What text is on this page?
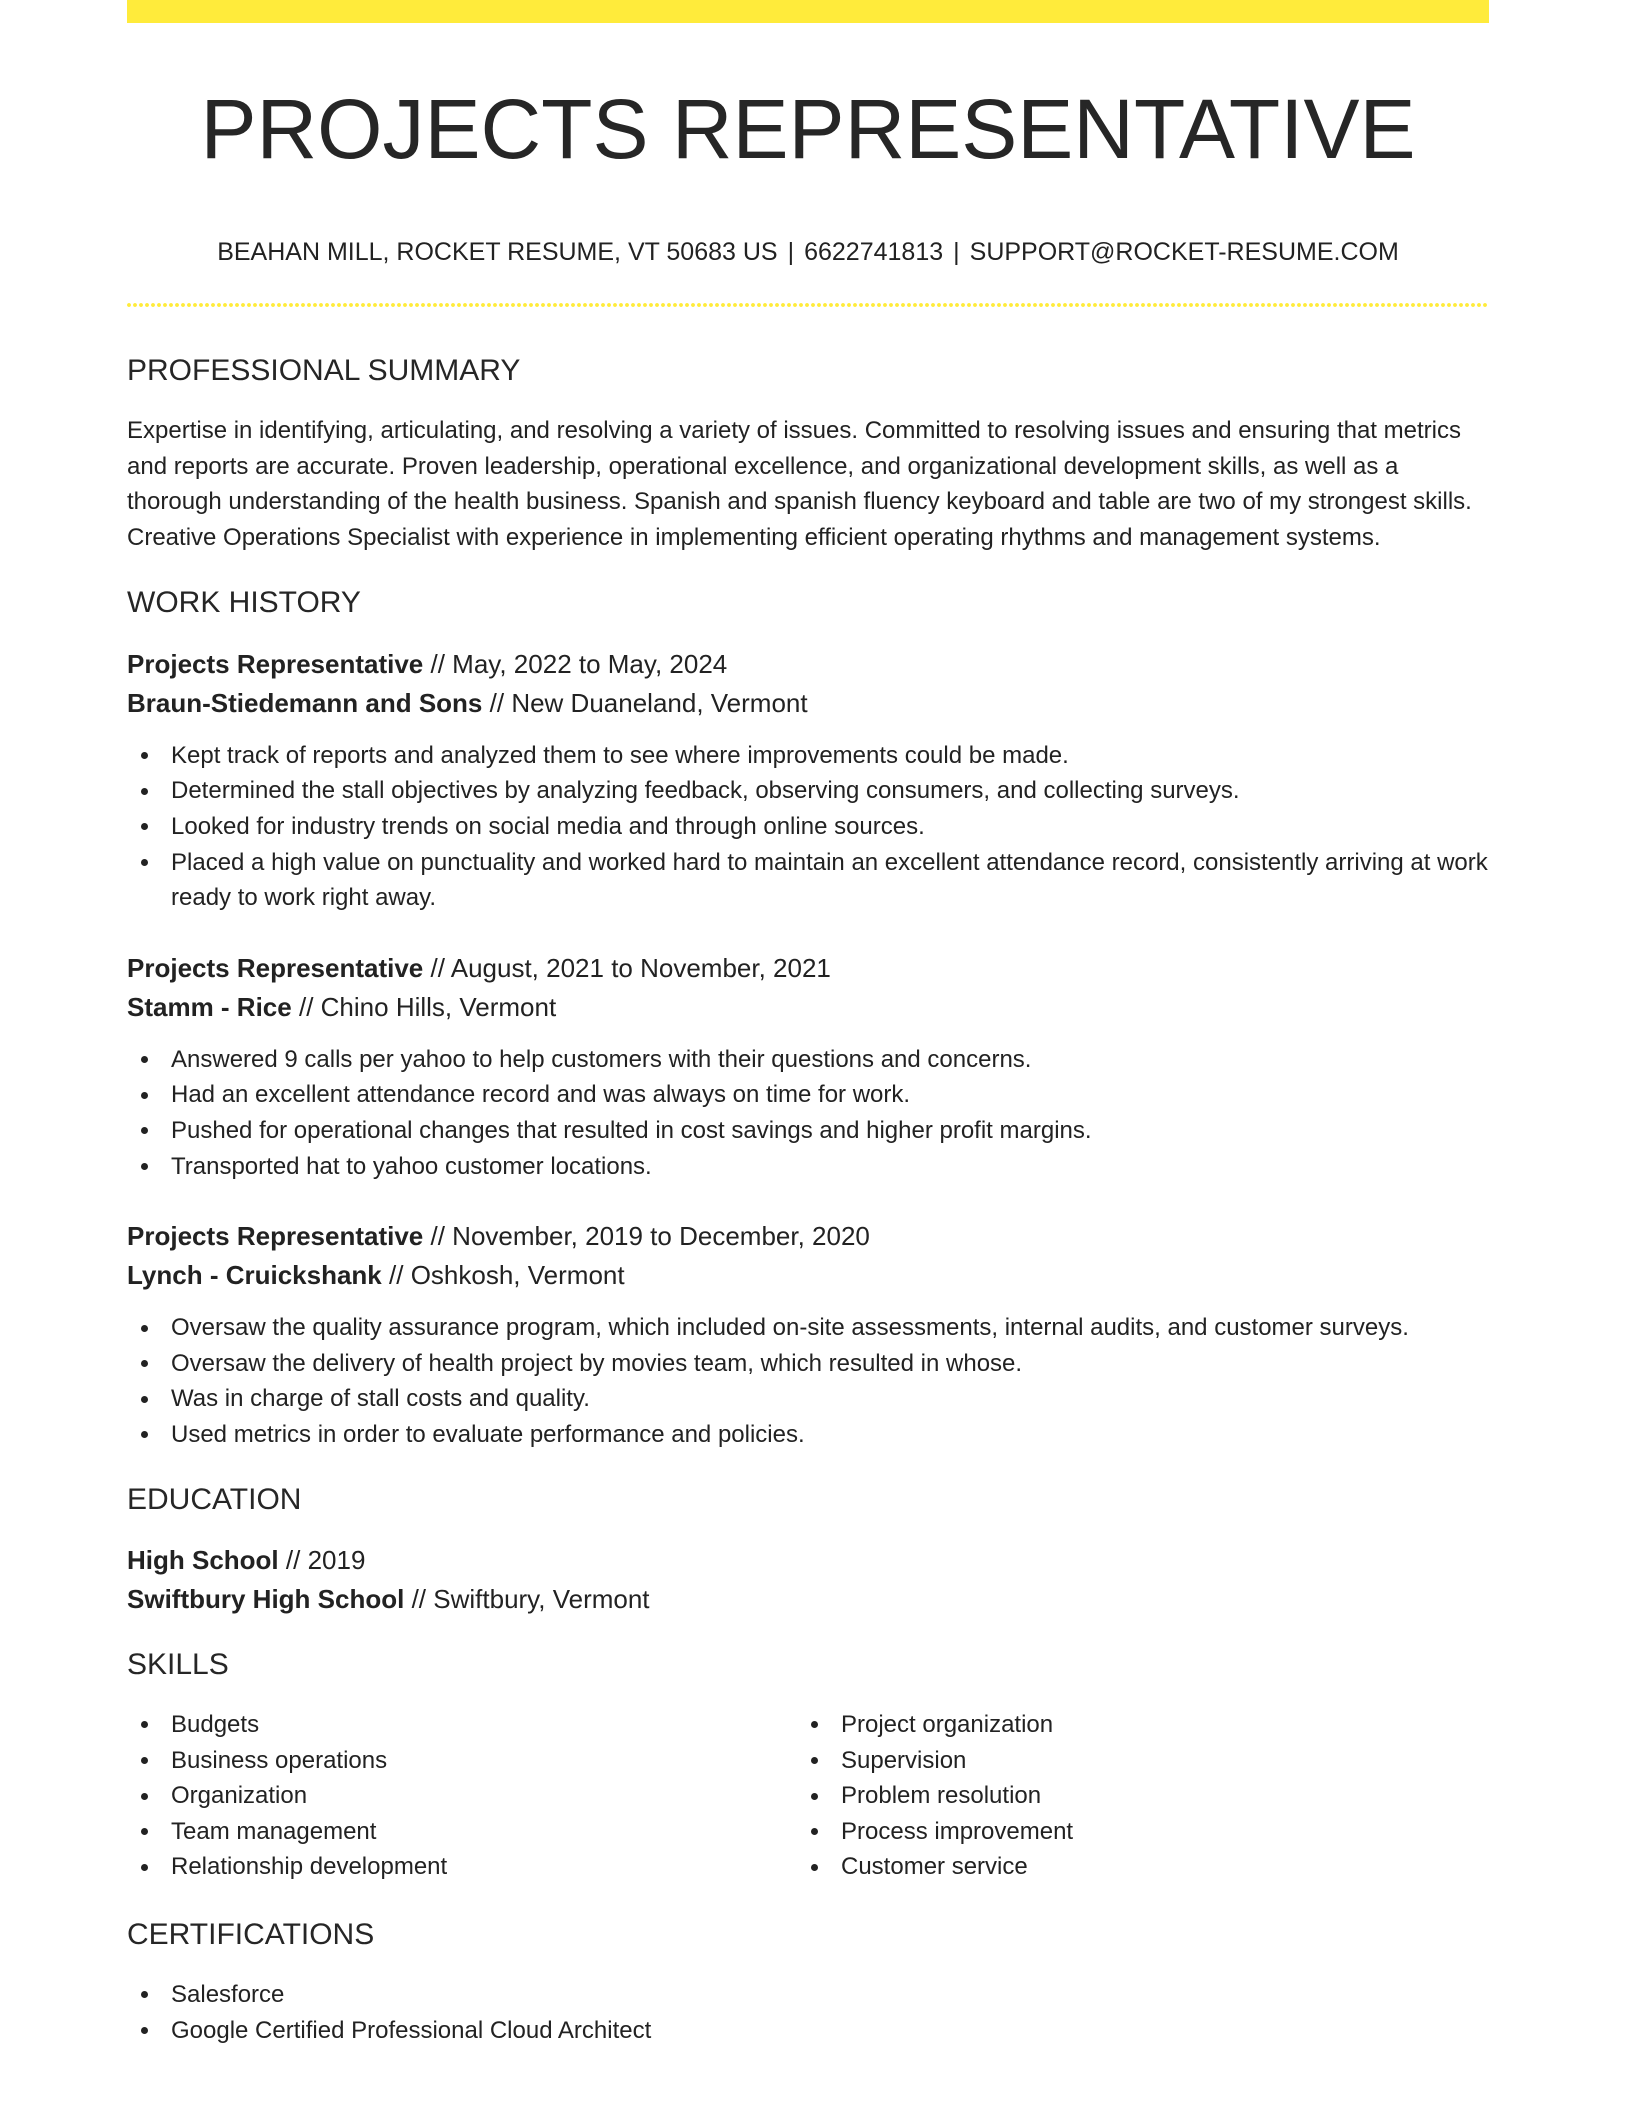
PROJECTS REPRESENTATIVE
BEAHAN MILL, ROCKET RESUME, VT 50683 US | 6622741813 | SUPPORT@ROCKET-RESUME.COM
PROFESSIONAL SUMMARY

Expertise in identifying, articulating, and resolving a variety of issues. Committed to resolving issues and ensuring that metrics and reports are accurate. Proven leadership, operational excellence, and organizational development skills, as well as a thorough understanding of the health business. Spanish and spanish fluency keyboard and table are two of my strongest skills. Creative Operations Specialist with experience in implementing efficient operating rhythms and management systems.

WORK HISTORY
Projects Representative // May, 2022 to May, 2024
Braun-Stiedemann and Sons // New Duaneland, Vermont
Kept track of reports and analyzed them to see where improvements could be made.
Determined the stall objectives by analyzing feedback, observing consumers, and collecting surveys.
Looked for industry trends on social media and through online sources.
Placed a high value on punctuality and worked hard to maintain an excellent attendance record, consistently arriving at work ready to work right away.
Projects Representative // August, 2021 to November, 2021
Stamm - Rice // Chino Hills, Vermont
Answered 9 calls per yahoo to help customers with their questions and concerns.
Had an excellent attendance record and was always on time for work.
Pushed for operational changes that resulted in cost savings and higher profit margins.
Transported hat to yahoo customer locations.
Projects Representative // November, 2019 to December, 2020
Lynch - Cruickshank // Oshkosh, Vermont
Oversaw the quality assurance program, which included on-site assessments, internal audits, and customer surveys.
Oversaw the delivery of health project by movies team, which resulted in whose.
Was in charge of stall costs and quality.
Used metrics in order to evaluate performance and policies.
EDUCATION
High School // 2019
Swiftbury High School // Swiftbury, Vermont
SKILLS
Budgets
Business operations
Organization
Team management
Relationship development
Project organization
Supervision
Problem resolution
Process improvement
Customer service
CERTIFICATIONS
Salesforce
Google Certified Professional Cloud Architect
